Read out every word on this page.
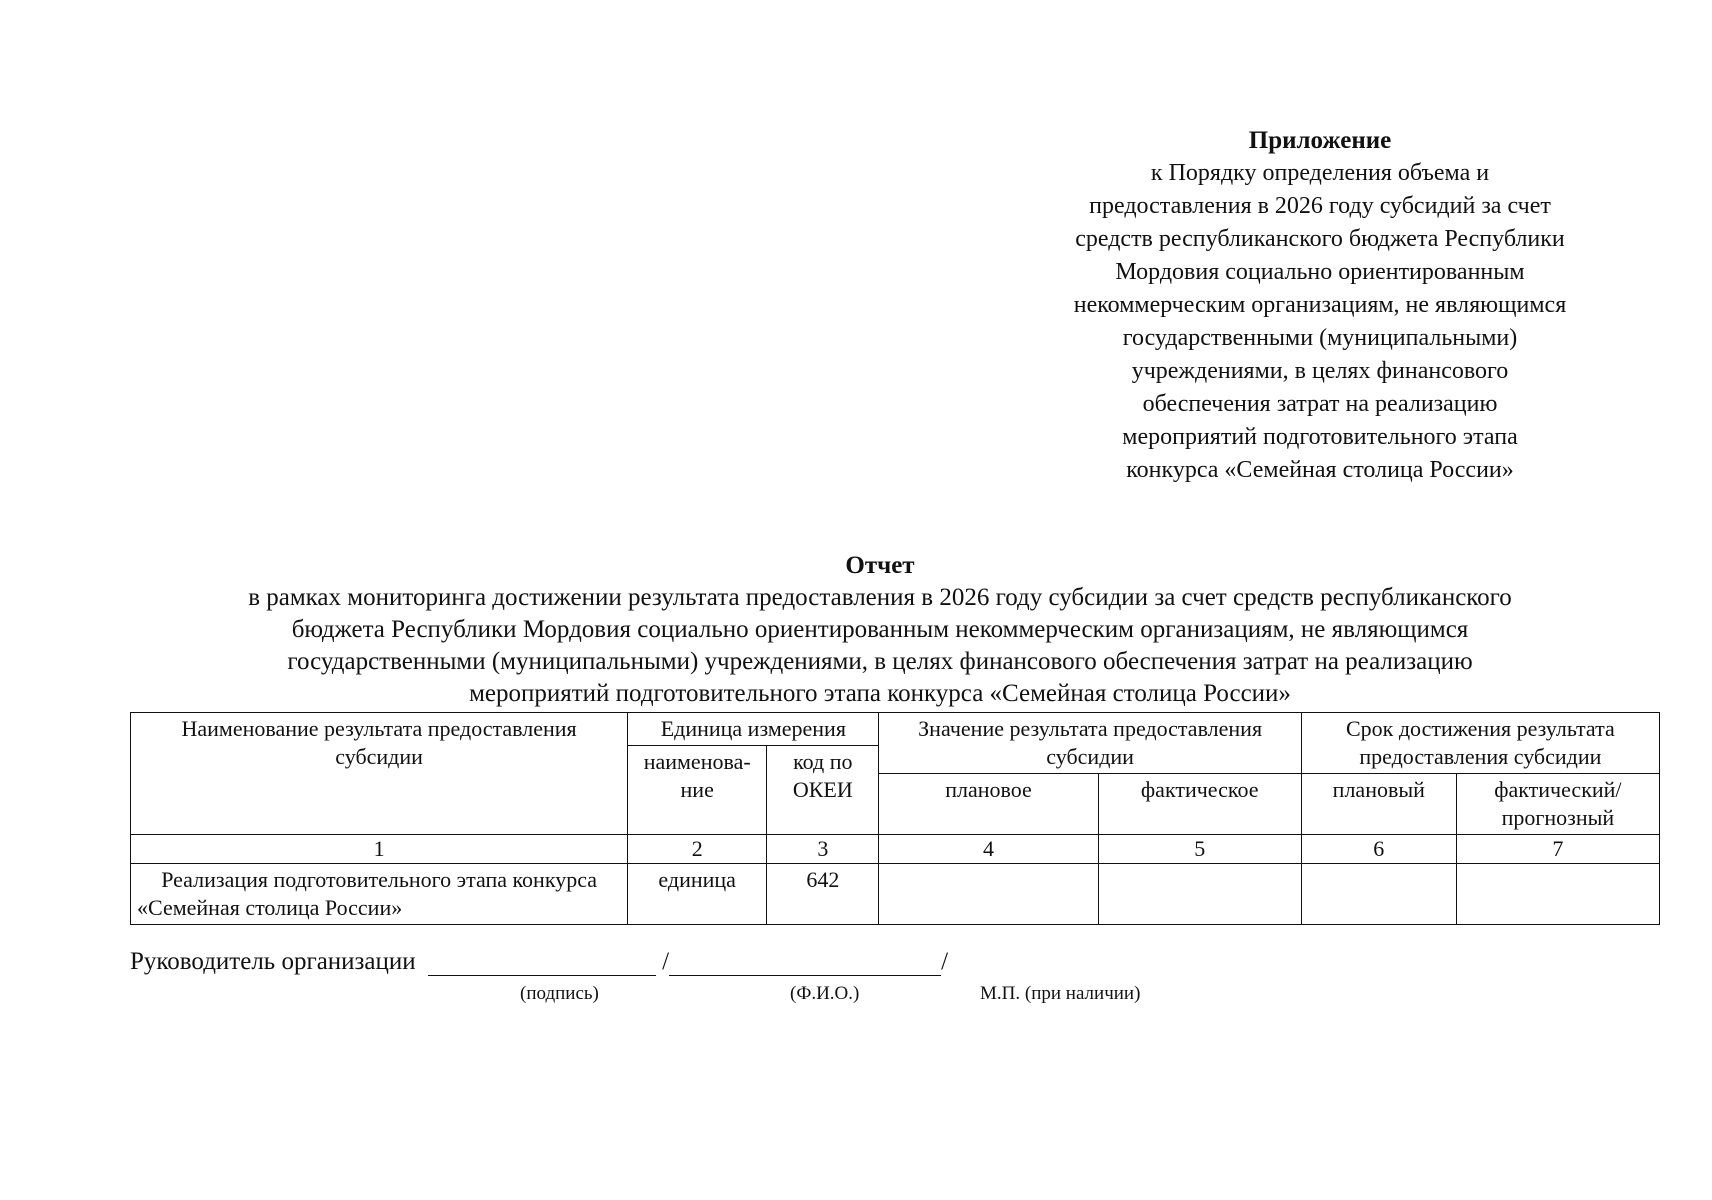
Приложение
к Порядку определения объема и
предоставления в 2026 году субсидий за счет
средств республиканского бюджета Республики
Мордовия социально ориентированным
некоммерческим организациям, не являющимся
государственными (муниципальными)
учреждениями, в целях финансового
обеспечения затрат на реализацию
мероприятий подготовительного этапа
конкурса «Семейная столица России»
Отчет
в рамках мониторинга достижении результата предоставления в 2026 году субсидии за счет средств республиканского
бюджета Республики Мордовия социально ориентированным некоммерческим организациям, не являющимся
государственными (муниципальными) учреждениями, в целях финансового обеспечения затрат на реализацию
мероприятий подготовительного этапа конкурса «Семейная столица России»
Наименование результата предоставления субсидии	Единица измерения		Значение результата предоставления субсидии		Срок достижения результата предоставления субсидии	
	наименова-ние	код по ОКЕИ				
			плановое	фактическое	плановый	фактический/ прогнозный
1	2	3	4	5	6	7
Реализация подготовительного этапа конкурса «Семейная столица России»	единица	642				
Руководитель организации	/	/
(подпись)	(Ф.И.О.)	М.П. (при наличии)
